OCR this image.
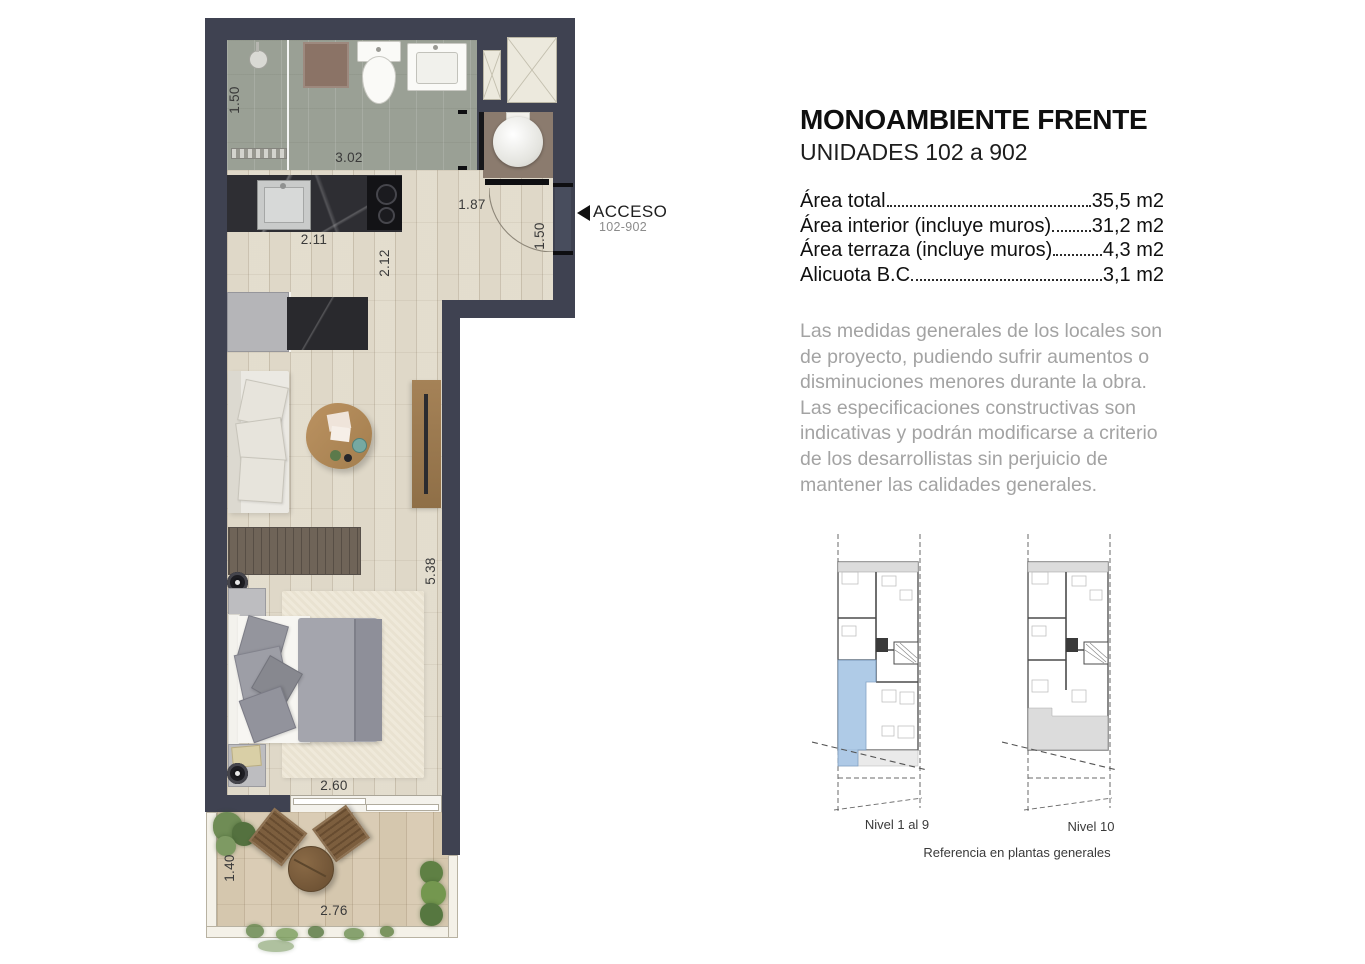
1.50
3.02
2.11
2.12
1.87
1.50
5.38
2.60
1.40
2.76
ACCESO
102-902
MONOAMBIENTE FRENTE
UNIDADES 102 a 902
Área total	35,5 m2
Área interior (incluye muros) 31,2 m2
Área terraza (incluye muros)	4,3 m2
Alicuota B.C	3,1 m2
Las medidas generales de los locales son de proyecto, pudiendo sufrir aumentos o disminuciones menores durante la obra. Las especificaciones constructivas son indicativas y podrán modificarse a criterio de los desarrollistas sin perjuicio de mantener las calidades generales.
Nivel 1 al 9	Nivel 10
Referencia en plantas generales
